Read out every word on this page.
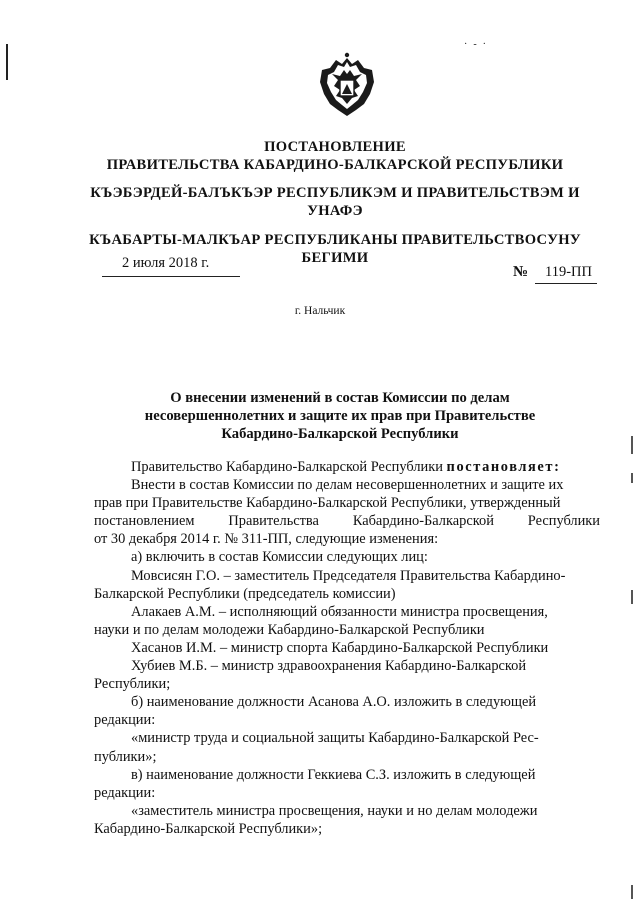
·-·
ПОСТАНОВЛЕНИЕ
ПРАВИТЕЛЬСТВА КАБАРДИНО-БАЛКАРСКОЙ РЕСПУБЛИКИ
КЪЭБЭРДЕЙ-БАЛЪКЪЭР РЕСПУБЛИКЭМ И ПРАВИТЕЛЬСТВЭМ И
УНАФЭ
КЪАБАРТЫ-МАЛКЪАР РЕСПУБЛИКАНЫ ПРАВИТЕЛЬСТВОСУНУ
БЕГИМИ
2 июля 2018 г.
№ 119-ПП
г. Нальчик
О внесении изменений в состав Комиссии по делам
несовершеннолетних и защите их прав при Правительстве
Кабардино-Балкарской Республики
Правительство Кабардино-Балкарской Республики постановляет:
Внести в состав Комиссии по делам несовершеннолетних и защите их
прав при Правительстве Кабардино-Балкарской Республики, утвержденный
постановлением Правительства Кабардино-Балкарской Республики
от 30 декабря 2014 г. № 311-ПП, следующие изменения:
а) включить в состав Комиссии следующих лиц:
Мовсисян Г.О. – заместитель Председателя Правительства Кабардино-
Балкарской Республики (председатель комиссии)
Алакаев А.М. – исполняющий обязанности министра просвещения,
науки и по делам молодежи Кабардино-Балкарской Республики
Хасанов И.М. – министр спорта Кабардино-Балкарской Республики
Хубиев М.Б. – министр здравоохранения Кабардино-Балкарской
Республики;
б) наименование должности Асанова А.О. изложить в следующей
редакции:
«министр труда и социальной защиты Кабардино-Балкарской Рес-
публики»;
в) наименование должности Геккиева С.З. изложить в следующей
редакции:
«заместитель министра просвещения, науки и но делам молодежи
Кабардино-Балкарской Республики»;
